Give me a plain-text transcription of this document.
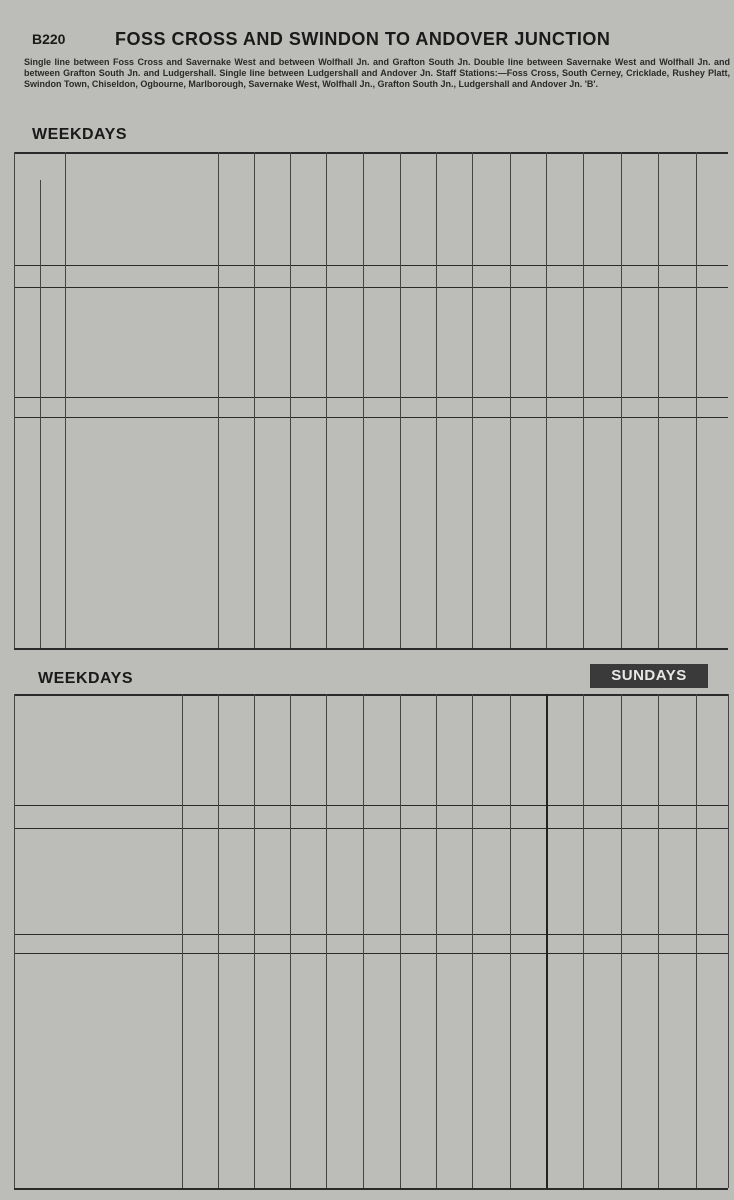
B220	FOSS CROSS AND SWINDON TO ANDOVER JUNCTION
Single line between Foss Cross and Savernake West and between Wolfhall Jn. and Grafton South Jn. Double line between Savernake West and Wolfhall Jn. and between Grafton South Jn. and Ludgershall. Single line between Ludgershall and Andover Jn. Staff Stations:—Foss Cross, South Cerney, Cricklade, Rushey Platt, Swindon Town, Chiseldon, Ogbourne, Marlborough, Savernake West, Wolfhall Jn., Grafton South Jn., Ludgershall and Andover Jn. 'B'.
WEEKDAYS
WEEKDAYS	SUNDAYS
